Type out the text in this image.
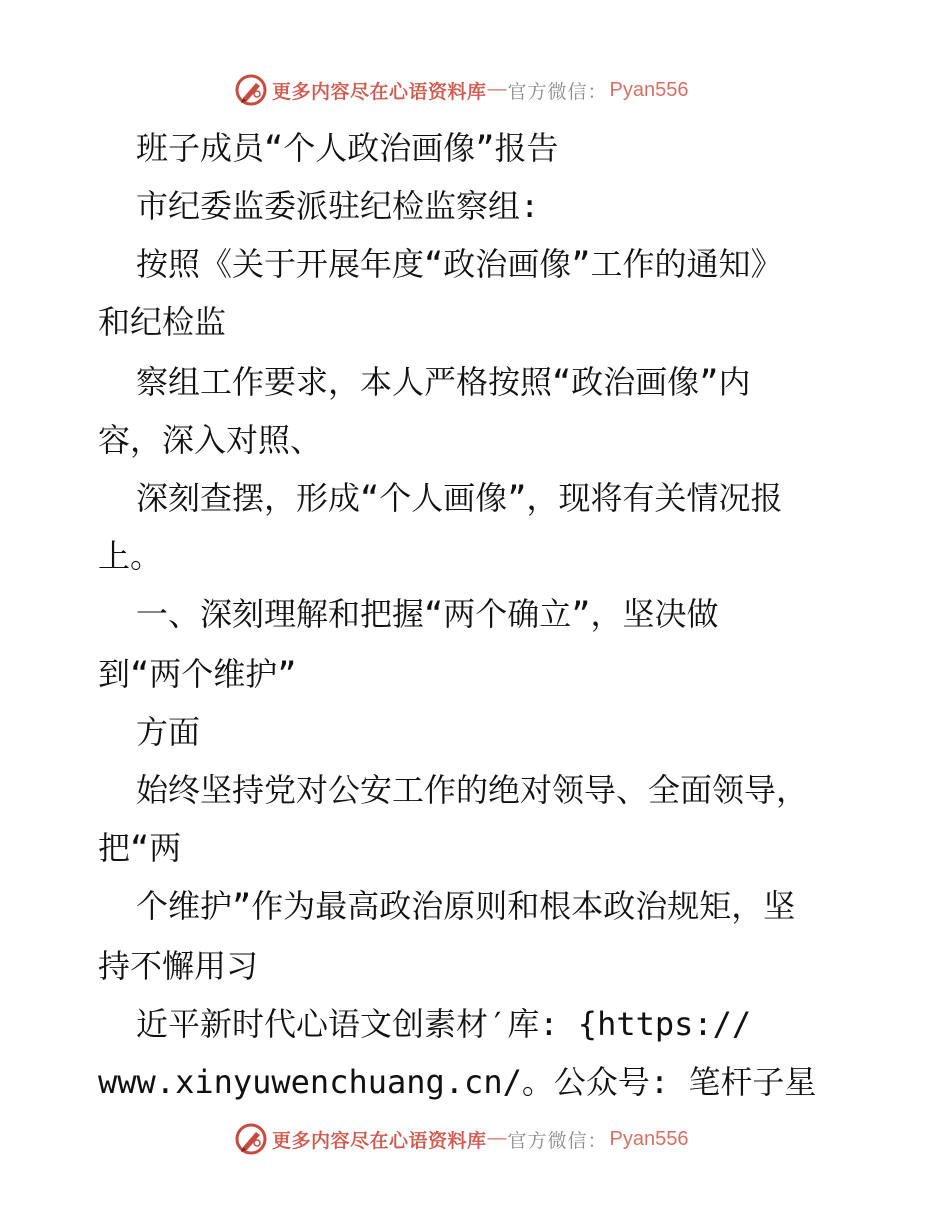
更多内容尽在心语资料库 — 官方微信： Pyan556
班子成员“个人政治画像”报告
市纪委监委派驻纪检监察组:
按照《关于开展年度“政治画像”工作的通知》
和纪检监
察组工作要求，本人严格按照“政治画像”内
容，深入对照、
深刻查摆，形成“个人画像”，现将有关情况报
上。
一、深刻理解和把握“两个确立”，坚决做
到“两个维护”
方面
始终坚持党对公安工作的绝对领导、全面领导，
把“两
个维护”作为最高政治原则和根本政治规矩，坚
持不懈用习
近平新时代心语文创素材′库: {https://
www.xinyuwenchuang.cn/。公众号: 笔杆子星
更多内容尽在心语资料库 — 官方微信： Pyan556
